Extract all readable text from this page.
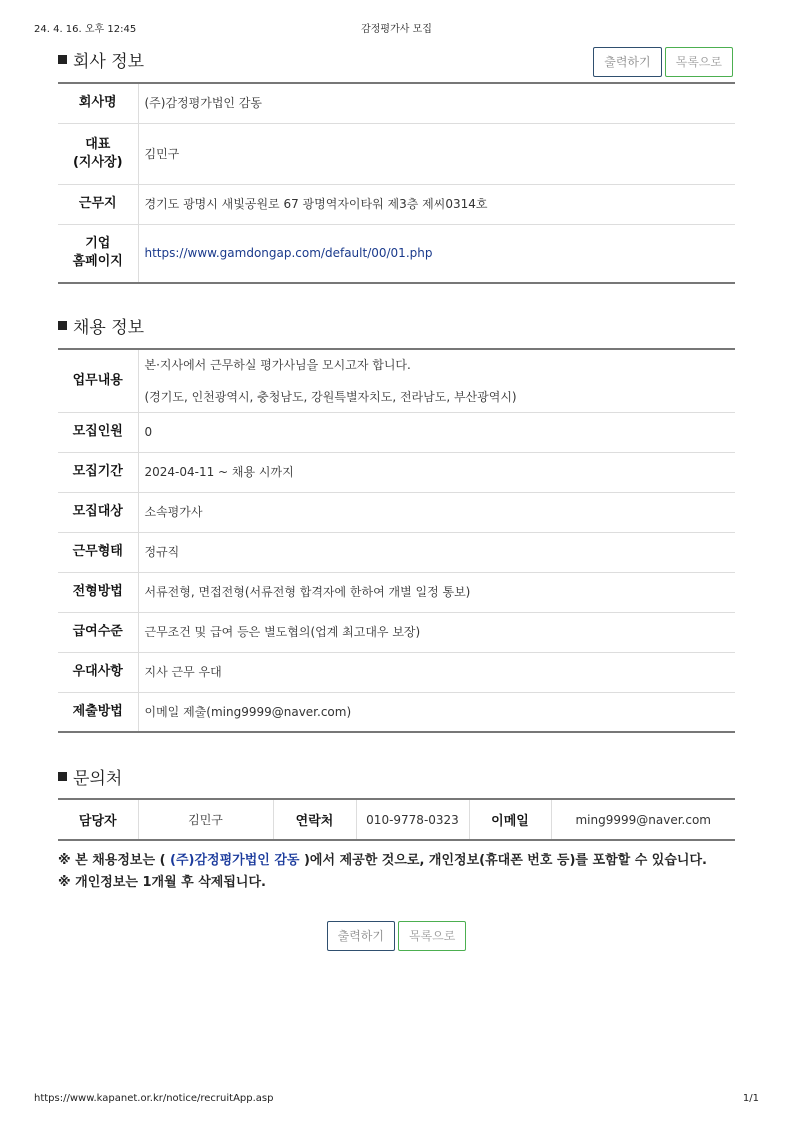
24. 4. 16. 오후 12:45	감정평가사 모집
회사 정보	출력하기	목록으로
회사명	(주)감정평가법인 감동

대표
(지사장)	김민구
근무지	경기도 광명시 새빛공원로 67 광명역자이타워 제3층 제씨0314호

기업
홈페이지	https://www.gamdongap.com/default/00/01.php
채용 정보
업무내용	본·지사에서 근무하실 평가사님을 모시고자 합니다.
(경기도, 인천광역시, 충청남도, 강원특별자치도, 전라남도, 부산광역시)

모집인원	0
모집기간	2024-04-11 ~ 채용 시까지
모집대상	소속평가사
근무형태	정규직
전형방법	서류전형, 면접전형(서류전형 합격자에 한하여 개별 일정 통보)
급여수준	근무조건 및 급여 등은 별도협의(업계 최고대우 보장)
우대사항	지사 근무 우대
제출방법	이메일 제출(ming9999@naver.com)
문의처
담당자	김민구	연락처	010-9778-0323	이메일	ming9999@naver.com
※ 본 채용정보는 ( (주)감정평가법인 감동 )에서 제공한 것으로, 개인정보(휴대폰 번호 등)를 포함할 수 있습니다.
※ 개인정보는 1개월 후 삭제됩니다.
출력하기	목록으로
https://www.kapanet.or.kr/notice/recruitApp.asp	1/1
